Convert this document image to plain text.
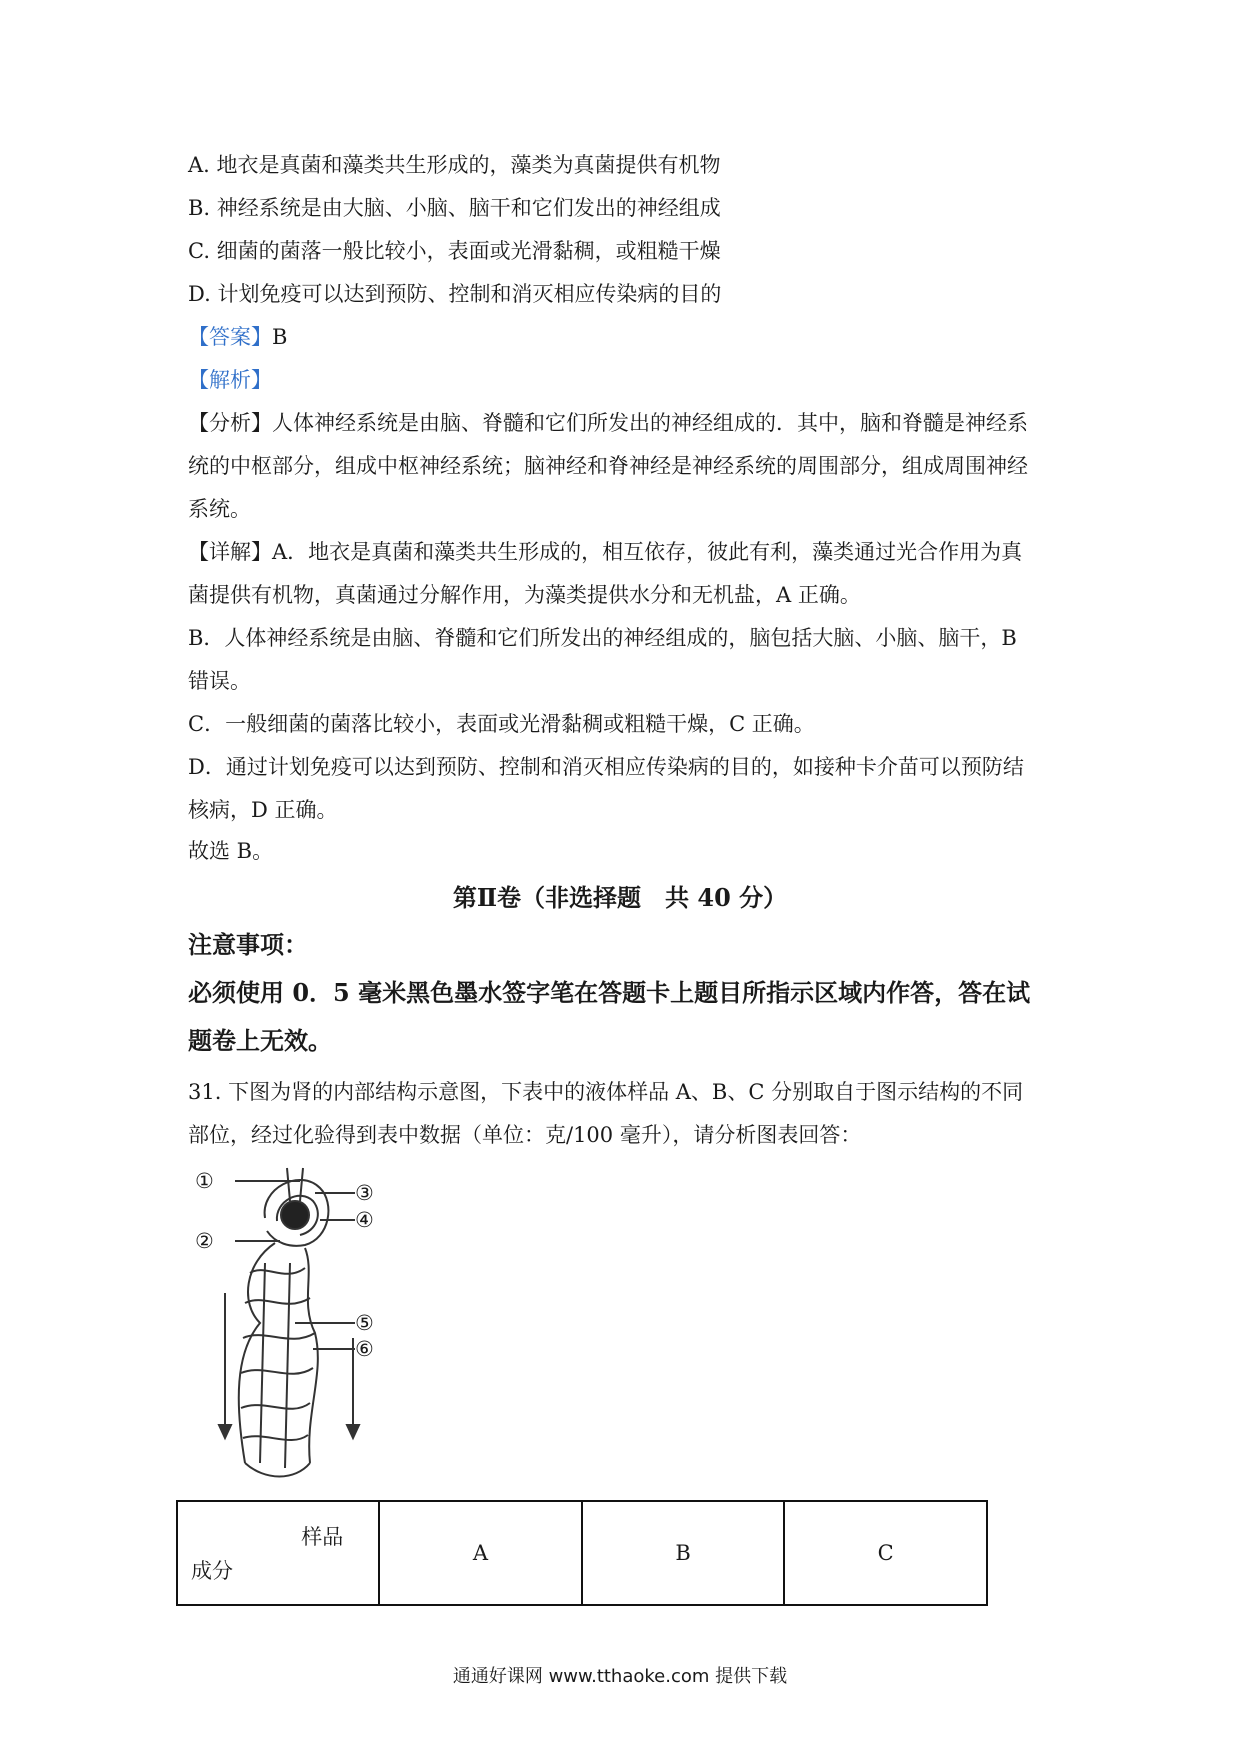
A. 地衣是真菌和藻类共生形成的，藻类为真菌提供有机物
B. 神经系统是由大脑、小脑、脑干和它们发出的神经组成
C. 细菌的菌落一般比较小，表面或光滑黏稠，或粗糙干燥
D. 计划免疫可以达到预防、控制和消灭相应传染病的目的
【答案】B
【解析】
【分析】人体神经系统是由脑、脊髓和它们所发出的神经组成的．其中，脑和脊髓是神经系
统的中枢部分，组成中枢神经系统；脑神经和脊神经是神经系统的周围部分，组成周围神经
系统。
【详解】A．地衣是真菌和藻类共生形成的，相互依存，彼此有利，藻类通过光合作用为真
菌提供有机物，真菌通过分解作用，为藻类提供水分和无机盐，A 正确。
B．人体神经系统是由脑、脊髓和它们所发出的神经组成的，脑包括大脑、小脑、脑干，B
错误。
C．一般细菌的菌落比较小，表面或光滑黏稠或粗糙干燥，C 正确。
D．通过计划免疫可以达到预防、控制和消灭相应传染病的目的，如接种卡介苗可以预防结
核病，D 正确。
故选 B。
第Ⅱ卷（非选择题　共 40 分）
注意事项：
必须使用 0．5 毫米黑色墨水签字笔在答题卡上题目所指示区域内作答，答在试
题卷上无效。
31. 下图为肾的内部结构示意图，下表中的液体样品 A、B、C 分别取自于图示结构的不同
部位，经过化验得到表中数据（单位：克/100 毫升），请分析图表回答：
①
②
③
④
⑤
⑥
样品
成分
	A	B	C
通通好课网 www.tthaoke.com 提供下载
